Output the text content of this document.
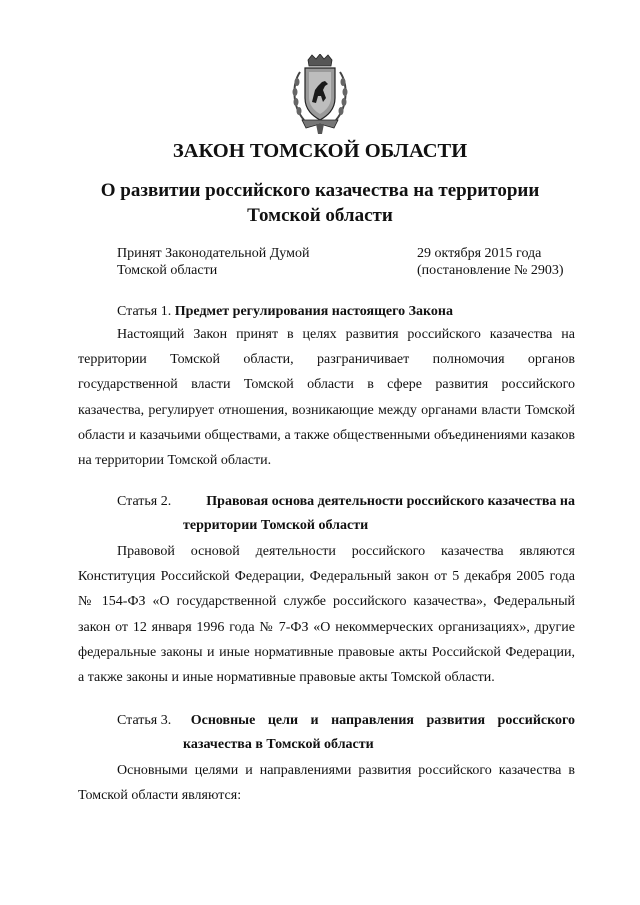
ЗАКОН ТОМСКОЙ ОБЛАСТИ
О развитии российского казачества на территории
Томской области
Принят Законодательной Думой
Томской области
29 октября 2015 года
(постановление № 2903)
Статья 1. Предмет регулирования настоящего Закона

Настоящий Закон принят в целях развития российского казачества на территории Томской области, разграничивает полномочия органов государственной власти Томской области в сфере развития российского казачества, регулирует отношения, возникающие между органами власти Томской области и казачьими обществами, а также общественными объединениями казаков на территории Томской области.

Статья 2.	Правовая основа деятельности российского казачества на
территории Томской области

Правовой основой деятельности российского казачества являются Конституция Российской Федерации, Федеральный закон от 5 декабря 2005 года № 154-ФЗ «О государственной службе российского казачества», Федеральный закон от 12 января 1996 года № 7-ФЗ «О некоммерческих организациях», другие федеральные законы и иные нормативные правовые акты Российской Федерации, а также законы и иные нормативные правовые акты Томской области.

Статья 3. Основные цели и направления развития российского
казачества в Томской области

Основными целями и направлениями развития российского казачества в Томской области являются:
